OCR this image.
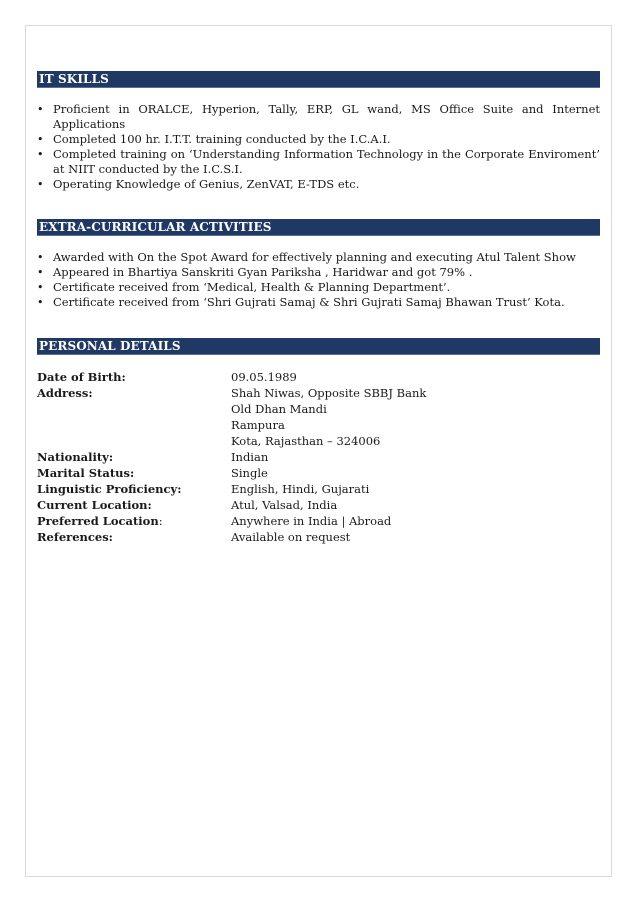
IT SKILLS
• Proficient in ORALCE, Hyperion, Tally, ERP, GL wand, MS Office Suite and Internet Applications
• Completed 100 hr. I.T.T. training conducted by the I.C.A.I.
• Completed training on ‘Understanding Information Technology in the Corporate Enviroment’ at NIIT conducted by the I.C.S.I.
• Operating Knowledge of Genius, ZenVAT, E-TDS etc.
EXTRA-CURRICULAR ACTIVITIES
• Awarded with On the Spot Award for effectively planning and executing Atul Talent Show
• Appeared in Bhartiya Sanskriti Gyan Pariksha , Haridwar and got 79% .
• Certificate received from ‘Medical, Health & Planning Department’.
• Certificate received from ‘Shri Gujrati Samaj & Shri Gujrati Samaj Bhawan Trust’ Kota.
PERSONAL DETAILS
Date of Birth:	09.05.1989
Address:	Shah Niwas, Opposite SBBJ Bank
Old Dhan Mandi
Rampura
Kota, Rajasthan – 324006
Nationality:	Indian
Marital Status:	Single
Linguistic Proficiency:	English, Hindi, Gujarati
Current Location:	Atul, Valsad, India
Preferred Location:	Anywhere in India | Abroad
References:	Available on request
